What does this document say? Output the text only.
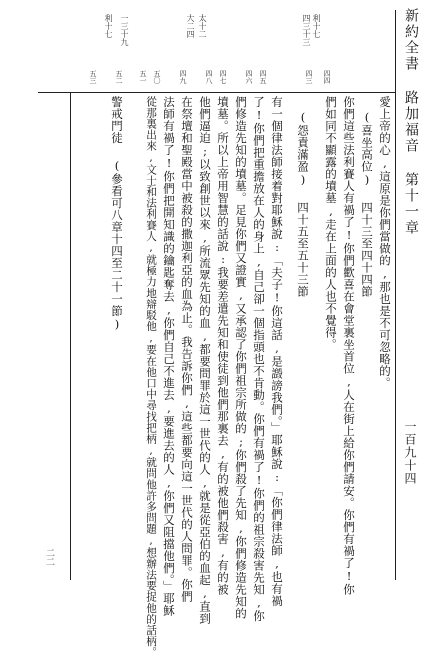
新約全書 路加福音 第十一章
一百九十四
四三十三 利十七
大二四 太十二
一三十九
利十七
四三 四四
四五
四六
四七
四八
四九
五〇
五一
五二
五三
愛上帝的心,這原是你們當做的,那也是不可忽略的。
(喜坐高位) 四十三至四十四節
你們這些法利賽人有禍了!你們歡喜在會堂裏坐首位,人在街上給你們請安。你們有禍了!你
們如同不顯露的墳墓,走在上面的人也不覺得。
(怨責滿盈) 四十五至五十三節
有一個律法師接着對耶穌說:「夫子!你這話,是譭謗我們。」耶穌說:「你們律法師,也有禍
了!你們把重擔放在人的身上,自己卻一個指頭也不肯動。你們有禍了!你們的祖宗殺害先知,你
們修造先知的墳墓。足見你們又證實,又承認了你們祖宗所做的;你們殺了先知,你們修造先知的
墳墓。所以上帝用智慧的話說:我要差遣先知和使徒到他們那裏去,有的被他們殺害,有的被
他們逼迫;以致創世以來,所流眾先知的血,都要問罪於這一世代的人,就是從亞伯的血起,直到
在祭壇和聖殿當中被殺的撒迦利亞的血為止。我告訴你們,這些都要向這一世代的人問罪。你們
法師有禍了!你們把開知識的鑰匙奪去,你們自己不進去,要進去的人,你們又阻擋他們。」耶穌
從那裏出來,文士和法利賽人,就極力地辯駁他,要在他口中尋找把柄,就問他許多問題,想辦法要捉他的話柄。
警戒門徒 (參看可八章十四至二十一節)
二二
